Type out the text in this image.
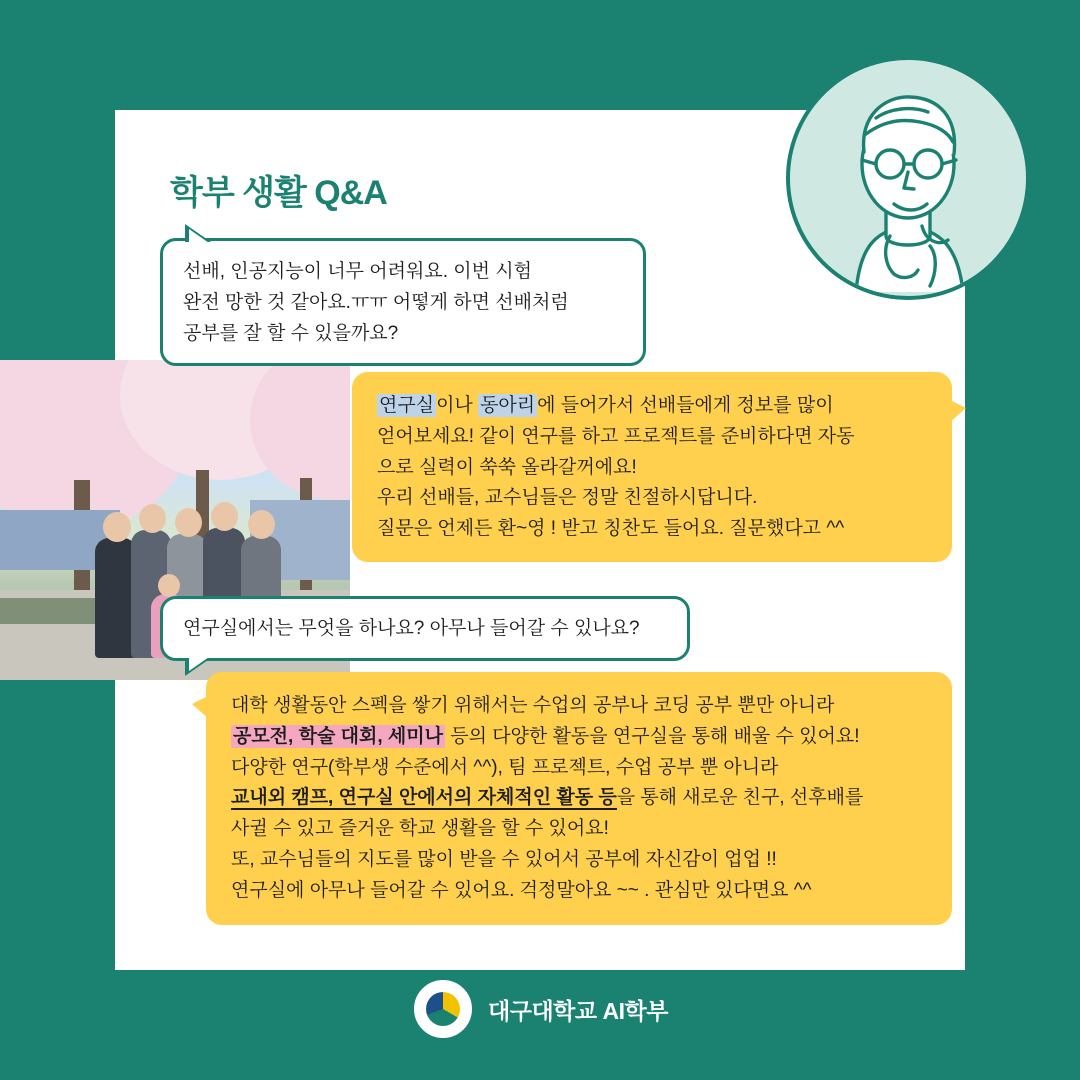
학부 생활 Q&A
선배, 인공지능이 너무 어려워요. 이번 시험
완전 망한 것 같아요.ㅠㅠ 어떻게 하면 선배처럼
공부를 잘 할 수 있을까요?
연구실 이나 동아리 에 들어가서 선배들에게 정보를 많이
얻어보세요! 같이 연구를 하고 프로젝트를 준비하다면 자동
으로 실력이 쑥쑥 올라갈꺼에요!
우리 선배들, 교수님들은 정말 친절하시답니다.
질문은 언제든 환~영 ! 받고 칭찬도 들어요. 질문했다고 ^^
연구실에서는 무엇을 하나요? 아무나 들어갈 수 있나요?
대학 생활동안 스펙을 쌓기 위해서는 수업의 공부나 코딩 공부 뿐만 아니라
공모전, 학술 대회, 세미나 등의 다양한 활동을 연구실을 통해 배울 수 있어요!
다양한 연구(학부생 수준에서 ^^), 팀 프로젝트, 수업 공부 뿐 아니라
교내외 캠프, 연구실 안에서의 자체적인 활동 등을 통해 새로운 친구, 선후배를
사귈 수 있고 즐거운 학교 생활을 할 수 있어요!
또, 교수님들의 지도를 많이 받을 수 있어서 공부에 자신감이 업업 !!
연구실에 아무나 들어갈 수 있어요. 걱정말아요 ~~ . 관심만 있다면요 ^^
대구대학교 AI학부
